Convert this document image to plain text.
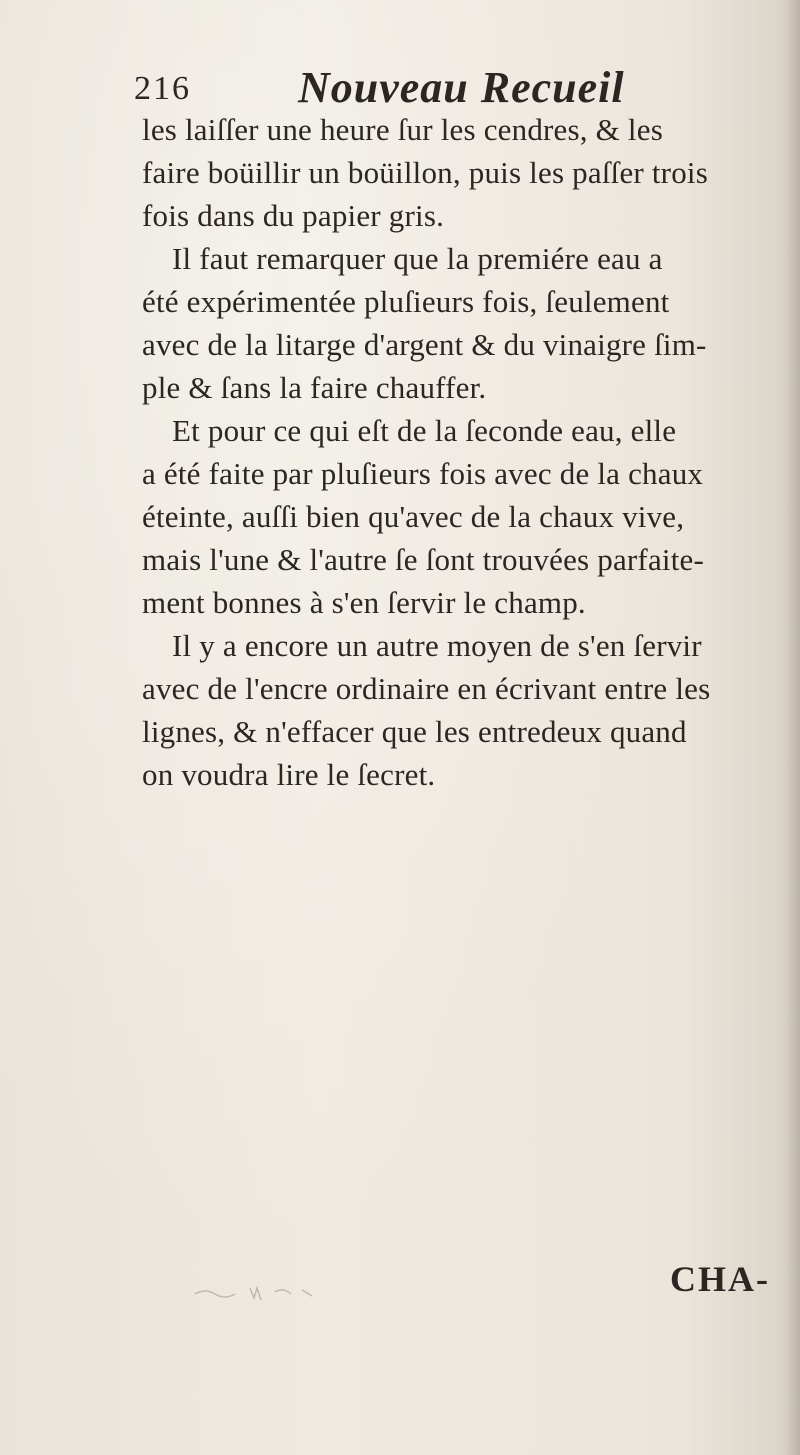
216 Nouveau Recueil
les laiſſer une heure ſur les cendres, & les
faire boüillir un boüillon, puis les paſſer trois
fois dans du papier gris.
Il faut remarquer que la premiére eau a
été expérimentée pluſieurs fois, ſeulement
avec de la litarge d'argent & du vinaigre ſim-
ple & ſans la faire chauffer.
Et pour ce qui eſt de la ſeconde eau, elle
a été faite par pluſieurs fois avec de la chaux
éteinte, auſſi bien qu'avec de la chaux vive,
mais l'une & l'autre ſe ſont trouvées parfaite-
ment bonnes à s'en ſervir le champ.
Il y a encore un autre moyen de s'en ſervir
avec de l'encre ordinaire en écrivant entre les
lignes, & n'effacer que les entredeux quand
on voudra lire le ſecret.
CHA-
